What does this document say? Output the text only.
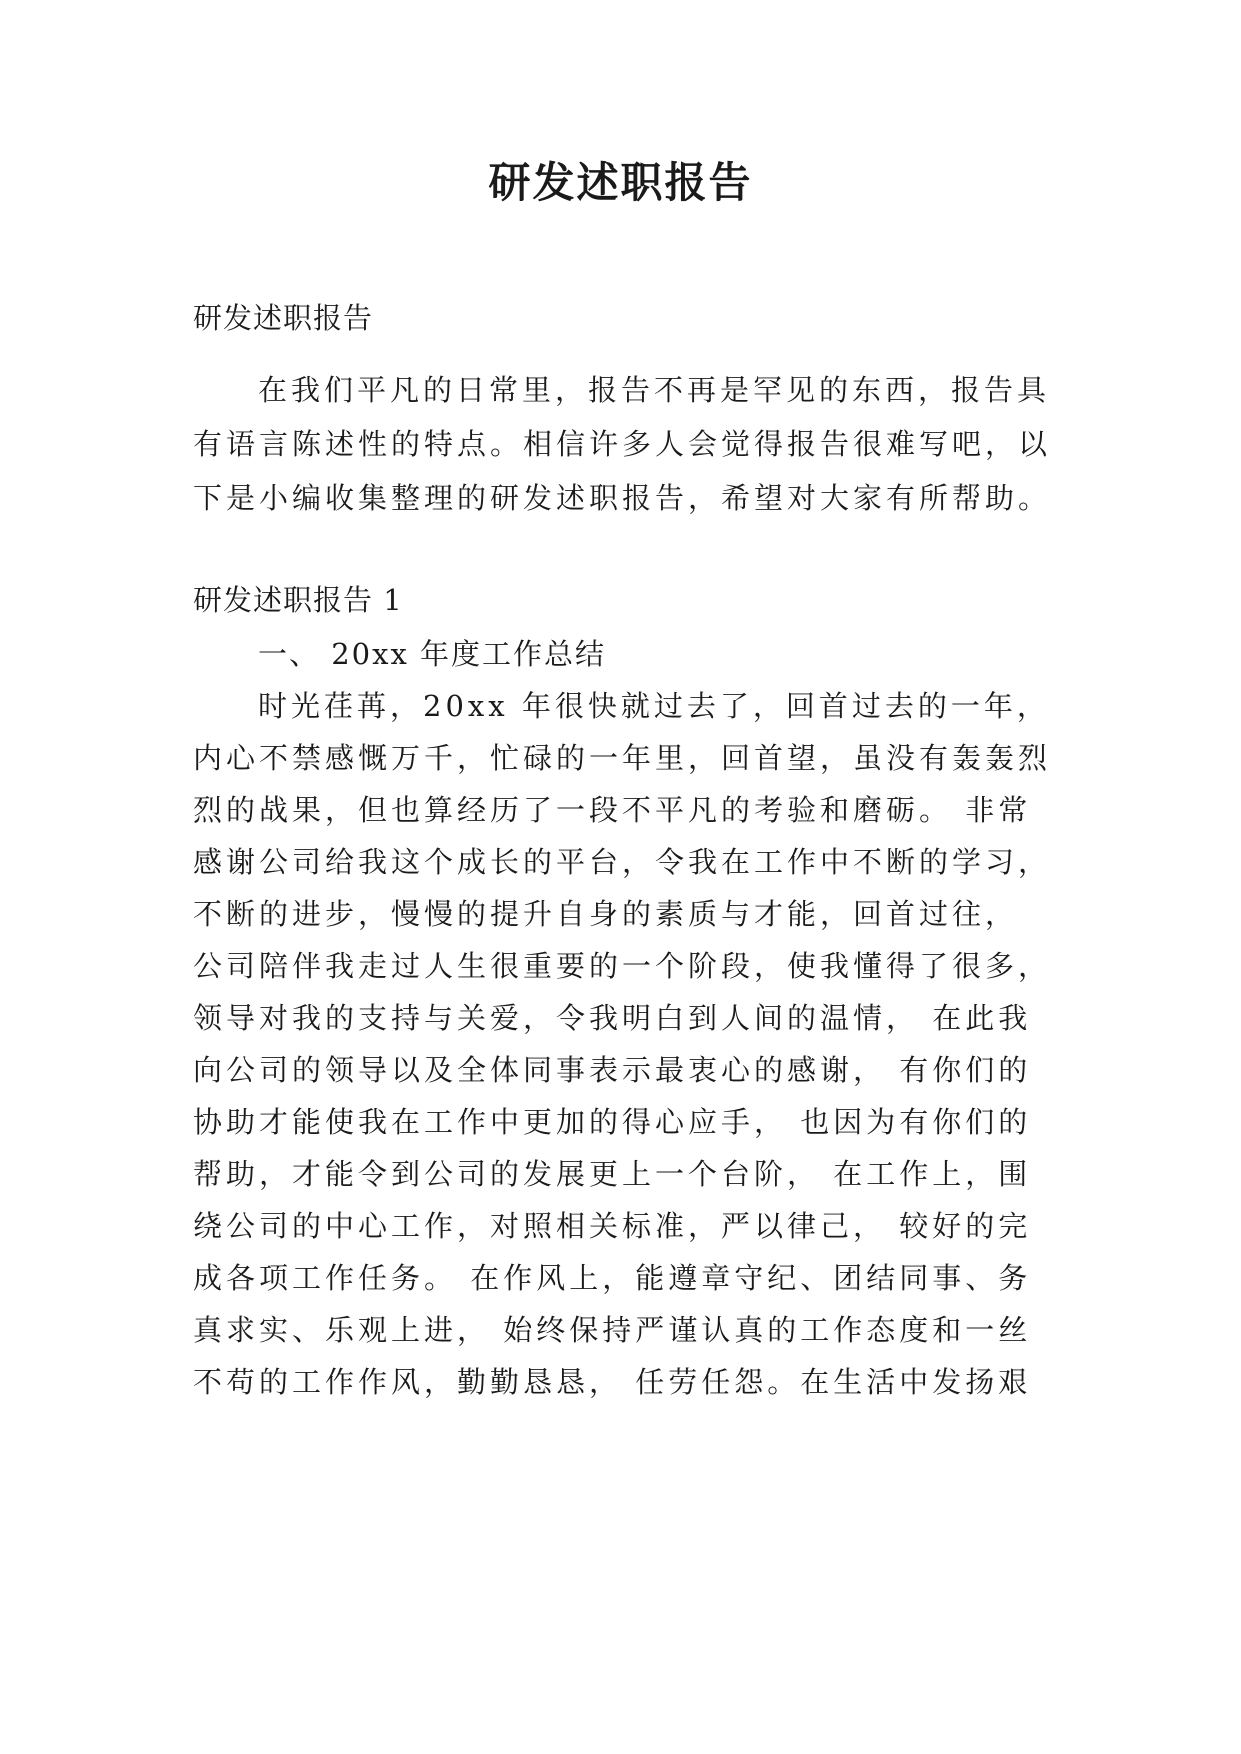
研发述职报告
研发述职报告
在我们平凡的日常里，报告不再是罕见的东西，报告具
有语言陈述性的特点。相信许多人会觉得报告很难写吧，以
下是小编收集整理的研发述职报告，希望对大家有所帮助。
研发述职报告 1
一、 20xx 年度工作总结
时光荏苒，20xx 年很快就过去了，回首过去的一年，
内心不禁感慨万千，忙碌的一年里，回首望，虽没有轰轰烈
烈的战果，但也算经历了一段不平凡的考验和磨砺。 非常
感谢公司给我这个成长的平台，令我在工作中不断的学习，
不断的进步，慢慢的提升自身的素质与才能，回首过往，
公司陪伴我走过人生很重要的一个阶段，使我懂得了很多，
领导对我的支持与关爱，令我明白到人间的温情， 在此我
向公司的领导以及全体同事表示最衷心的感谢， 有你们的
协助才能使我在工作中更加的得心应手， 也因为有你们的
帮助，才能令到公司的发展更上一个台阶， 在工作上，围
绕公司的中心工作，对照相关标准，严以律己， 较好的完
成各项工作任务。 在作风上，能遵章守纪、团结同事、务
真求实、乐观上进， 始终保持严谨认真的工作态度和一丝
不苟的工作作风，勤勤恳恳， 任劳任怨。在生活中发扬艰
